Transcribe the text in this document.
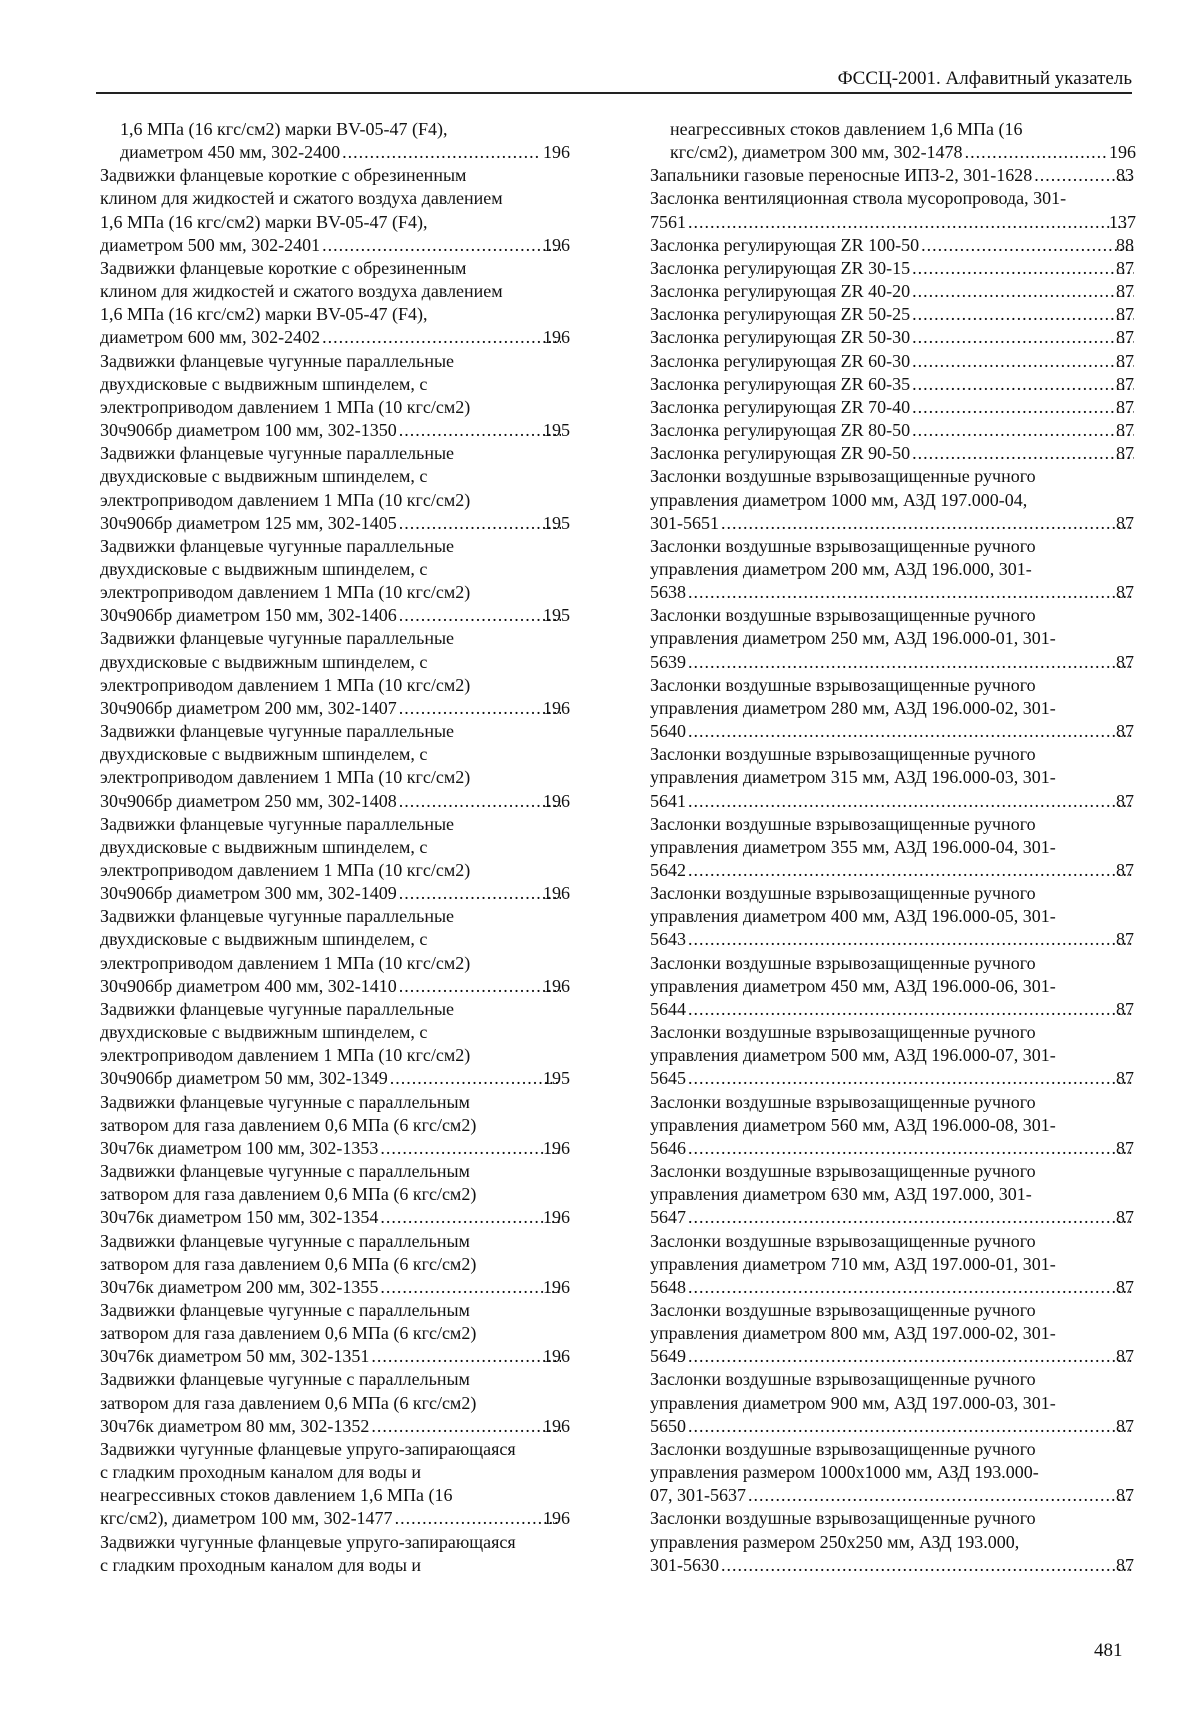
ФССЦ-2001. Алфавитный указатель

1,6 МПа (16 кгс/см2) марки BV-05-47 (F4),
диаметром 450 мм, 302-2400 .....	196

Задвижки фланцевые короткие с обрезиненным
клином для жидкостей и сжатого воздуха давлением
1,6 МПа (16 кгс/см2) марки BV-05-47 (F4),
диаметром 500 мм, 302-2401 .....	196

Задвижки фланцевые короткие с обрезиненным
клином для жидкостей и сжатого воздуха давлением
1,6 МПа (16 кгс/см2) марки BV-05-47 (F4),
диаметром 600 мм, 302-2402 .....	196

Задвижки фланцевые чугунные параллельные
двухдисковые с выдвижным шпинделем, с
электроприводом давлением 1 МПа (10 кгс/см2)
30ч906бр диаметром 100 мм, 302-1350 .....	195

Задвижки фланцевые чугунные параллельные
двухдисковые с выдвижным шпинделем, с
электроприводом давлением 1 МПа (10 кгс/см2)
30ч906бр диаметром 125 мм, 302-1405 .....	195

Задвижки фланцевые чугунные параллельные
двухдисковые с выдвижным шпинделем, с
электроприводом давлением 1 МПа (10 кгс/см2)
30ч906бр диаметром 150 мм, 302-1406 .....	195

Задвижки фланцевые чугунные параллельные
двухдисковые с выдвижным шпинделем, с
электроприводом давлением 1 МПа (10 кгс/см2)
30ч906бр диаметром 200 мм, 302-1407 .....	196

Задвижки фланцевые чугунные параллельные
двухдисковые с выдвижным шпинделем, с
электроприводом давлением 1 МПа (10 кгс/см2)
30ч906бр диаметром 250 мм, 302-1408 .....	196

Задвижки фланцевые чугунные параллельные
двухдисковые с выдвижным шпинделем, с
электроприводом давлением 1 МПа (10 кгс/см2)
30ч906бр диаметром 300 мм, 302-1409 .....	196

Задвижки фланцевые чугунные параллельные
двухдисковые с выдвижным шпинделем, с
электроприводом давлением 1 МПа (10 кгс/см2)
30ч906бр диаметром 400 мм, 302-1410 .....	196

Задвижки фланцевые чугунные параллельные
двухдисковые с выдвижным шпинделем, с
электроприводом давлением 1 МПа (10 кгс/см2)
30ч906бр диаметром 50 мм, 302-1349 .....	195

Задвижки фланцевые чугунные с параллельным
затвором для газа давлением 0,6 МПа (6 кгс/см2)
30ч76к диаметром 100 мм, 302-1353 .....	196

Задвижки фланцевые чугунные с параллельным
затвором для газа давлением 0,6 МПа (6 кгс/см2)
30ч76к диаметром 150 мм, 302-1354 .....	196

Задвижки фланцевые чугунные с параллельным
затвором для газа давлением 0,6 МПа (6 кгс/см2)
30ч76к диаметром 200 мм, 302-1355 .....	196

Задвижки фланцевые чугунные с параллельным
затвором для газа давлением 0,6 МПа (6 кгс/см2)
30ч76к диаметром 50 мм, 302-1351 .....	196

Задвижки фланцевые чугунные с параллельным
затвором для газа давлением 0,6 МПа (6 кгс/см2)
30ч76к диаметром 80 мм, 302-1352 .....	196

Задвижки чугунные фланцевые упруго-запирающаяся
с гладким проходным каналом для воды и
неагрессивных стоков давлением 1,6 МПа (16
кгс/см2), диаметром 100 мм, 302-1477 .....	196

Задвижки чугунные фланцевые упруго-запирающаяся
с гладким проходным каналом для воды и

неагрессивных стоков давлением 1,6 МПа (16
кгс/см2), диаметром 300 мм, 302-1478 .....	196

Запальники газовые переносные ИПЗ-2, 301-1628 .....	83

Заслонка вентиляционная ствола мусоропровода, 301-
7561 .....	137

Заслонка регулирующая ZR 100-50 .....	88

Заслонка регулирующая ZR 30-15 .....	87

Заслонка регулирующая ZR 40-20 .....	87

Заслонка регулирующая ZR 50-25 .....	87

Заслонка регулирующая ZR 50-30 .....	87

Заслонка регулирующая ZR 60-30 .....	87

Заслонка регулирующая ZR 60-35 .....	87

Заслонка регулирующая ZR 70-40 .....	87

Заслонка регулирующая ZR 80-50 .....	87

Заслонка регулирующая ZR 90-50 .....	87

Заслонки воздушные взрывозащищенные ручного
управления диаметром 1000 мм, АЗД 197.000-04,
301-5651 .....	87

Заслонки воздушные взрывозащищенные ручного
управления диаметром 200 мм, АЗД 196.000, 301-
5638 .....	87

Заслонки воздушные взрывозащищенные ручного
управления диаметром 250 мм, АЗД 196.000-01, 301-
5639 .....	87

Заслонки воздушные взрывозащищенные ручного
управления диаметром 280 мм, АЗД 196.000-02, 301-
5640 .....	87

Заслонки воздушные взрывозащищенные ручного
управления диаметром 315 мм, АЗД 196.000-03, 301-
5641 .....	87

Заслонки воздушные взрывозащищенные ручного
управления диаметром 355 мм, АЗД 196.000-04, 301-
5642 .....	87

Заслонки воздушные взрывозащищенные ручного
управления диаметром 400 мм, АЗД 196.000-05, 301-
5643 .....	87

Заслонки воздушные взрывозащищенные ручного
управления диаметром 450 мм, АЗД 196.000-06, 301-
5644 .....	87

Заслонки воздушные взрывозащищенные ручного
управления диаметром 500 мм, АЗД 196.000-07, 301-
5645 .....	87

Заслонки воздушные взрывозащищенные ручного
управления диаметром 560 мм, АЗД 196.000-08, 301-
5646 .....	87

Заслонки воздушные взрывозащищенные ручного
управления диаметром 630 мм, АЗД 197.000, 301-
5647 .....	87

Заслонки воздушные взрывозащищенные ручного
управления диаметром 710 мм, АЗД 197.000-01, 301-
5648 .....	87

Заслонки воздушные взрывозащищенные ручного
управления диаметром 800 мм, АЗД 197.000-02, 301-
5649 .....	87

Заслонки воздушные взрывозащищенные ручного
управления диаметром 900 мм, АЗД 197.000-03, 301-
5650 .....	87

Заслонки воздушные взрывозащищенные ручного
управления размером 1000х1000 мм, АЗД 193.000-
07, 301-5637 .....	87

Заслонки воздушные взрывозащищенные ручного
управления размером 250х250 мм, АЗД 193.000,
301-5630 .....	87

481
